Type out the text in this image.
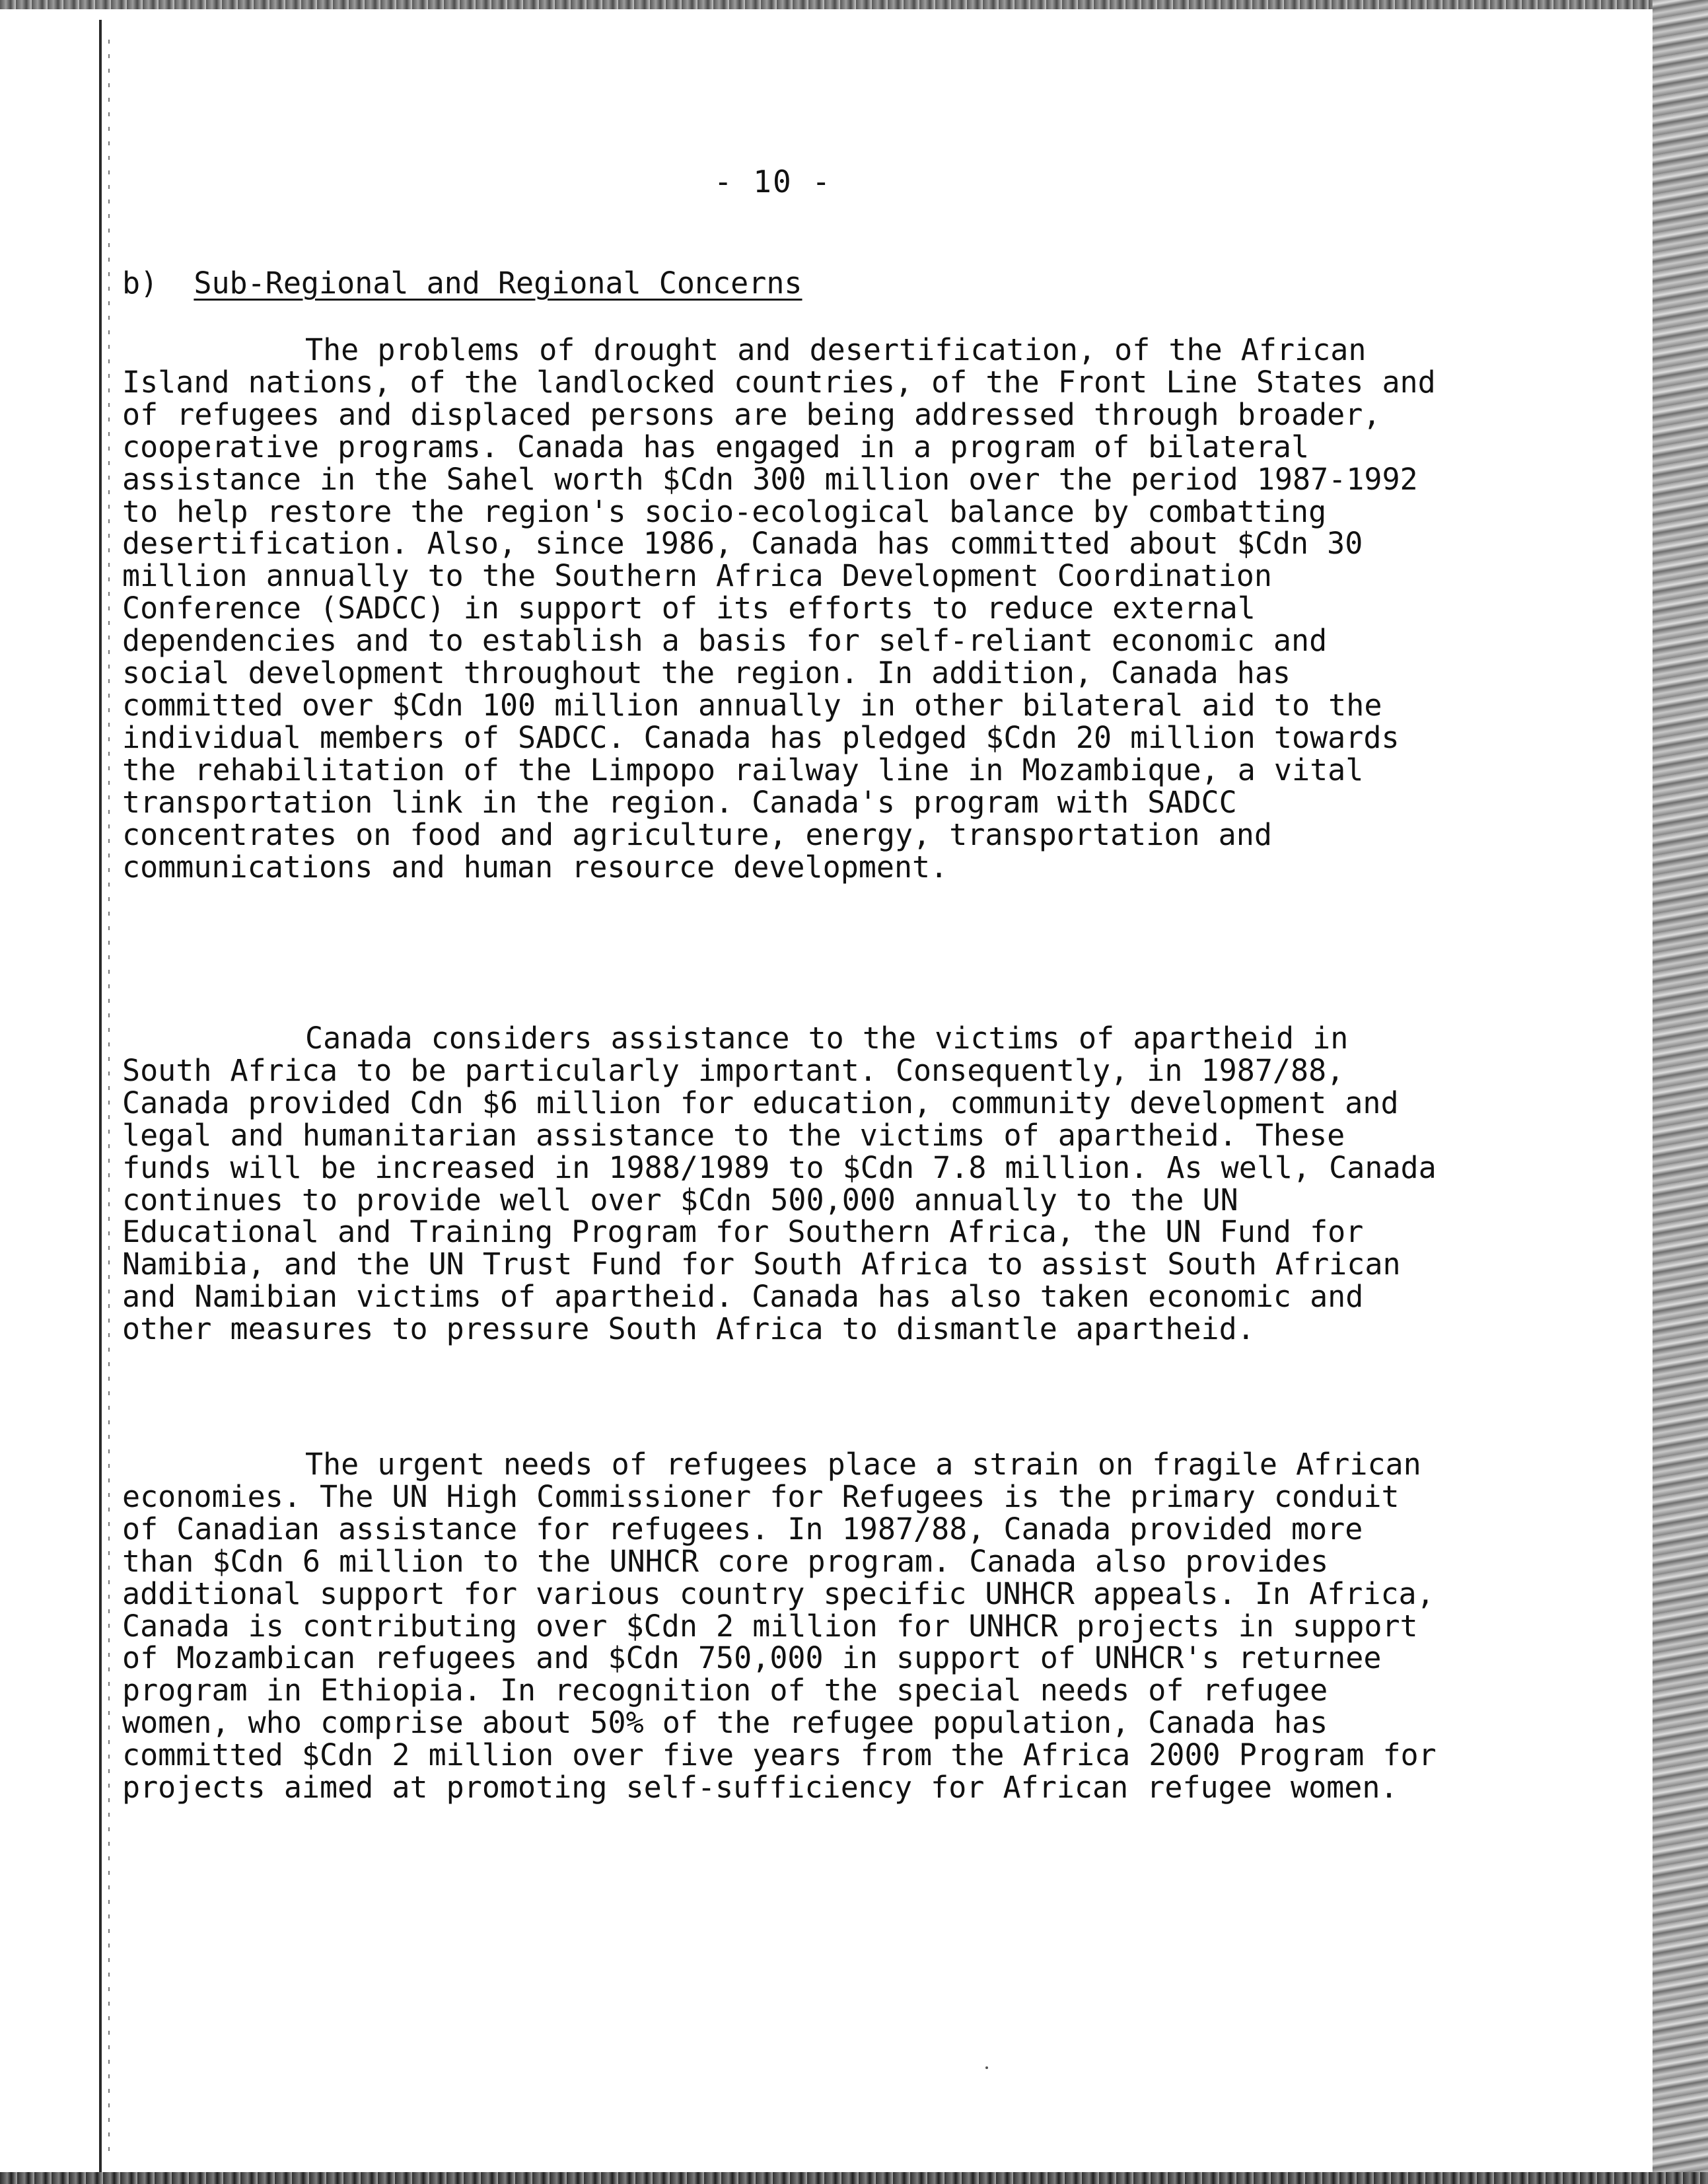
- 10 -
b) Sub-Regional and Regional Concerns

The problems of drought and desertification, of the African Island nations, of the landlocked countries, of the Front Line States and of refugees and displaced persons are being addressed through broader, cooperative programs. Canada has engaged in a program of bilateral assistance in the Sahel worth $Cdn 300 million over the period 1987-1992 to help restore the region's socio-ecological balance by combatting desertification. Also, since 1986, Canada has committed about $Cdn 30 million annually to the Southern Africa Development Coordination Conference (SADCC) in support of its efforts to reduce external dependencies and to establish a basis for self-reliant economic and social development throughout the region. In addition, Canada has committed over $Cdn 100 million annually in other bilateral aid to the individual members of SADCC. Canada has pledged $Cdn 20 million towards the rehabilitation of the Limpopo railway line in Mozambique, a vital transportation link in the region. Canada's program with SADCC concentrates on food and agriculture, energy, transportation and communications and human resource development.

Canada considers assistance to the victims of apartheid in South Africa to be particularly important. Consequently, in 1987/88, Canada provided Cdn $6 million for education, community development and legal and humanitarian assistance to the victims of apartheid. These funds will be increased in 1988/1989 to $Cdn 7.8 million. As well, Canada continues to provide well over $Cdn 500,000 annually to the UN Educational and Training Program for Southern Africa, the UN Fund for Namibia, and the UN Trust Fund for South Africa to assist South African and Namibian victims of apartheid. Canada has also taken economic and other measures to pressure South Africa to dismantle apartheid.

The urgent needs of refugees place a strain on fragile African economies. The UN High Commissioner for Refugees is the primary conduit of Canadian assistance for refugees. In 1987/88, Canada provided more than $Cdn 6 million to the UNHCR core program. Canada also provides additional support for various country specific UNHCR appeals. In Africa, Canada is contributing over $Cdn 2 million for UNHCR projects in support of Mozambican refugees and $Cdn 750,000 in support of UNHCR's returnee program in Ethiopia. In recognition of the special needs of refugee women, who comprise about 50% of the refugee population, Canada has committed $Cdn 2 million over five years from the Africa 2000 Program for projects aimed at promoting self-sufficiency for African refugee women.
